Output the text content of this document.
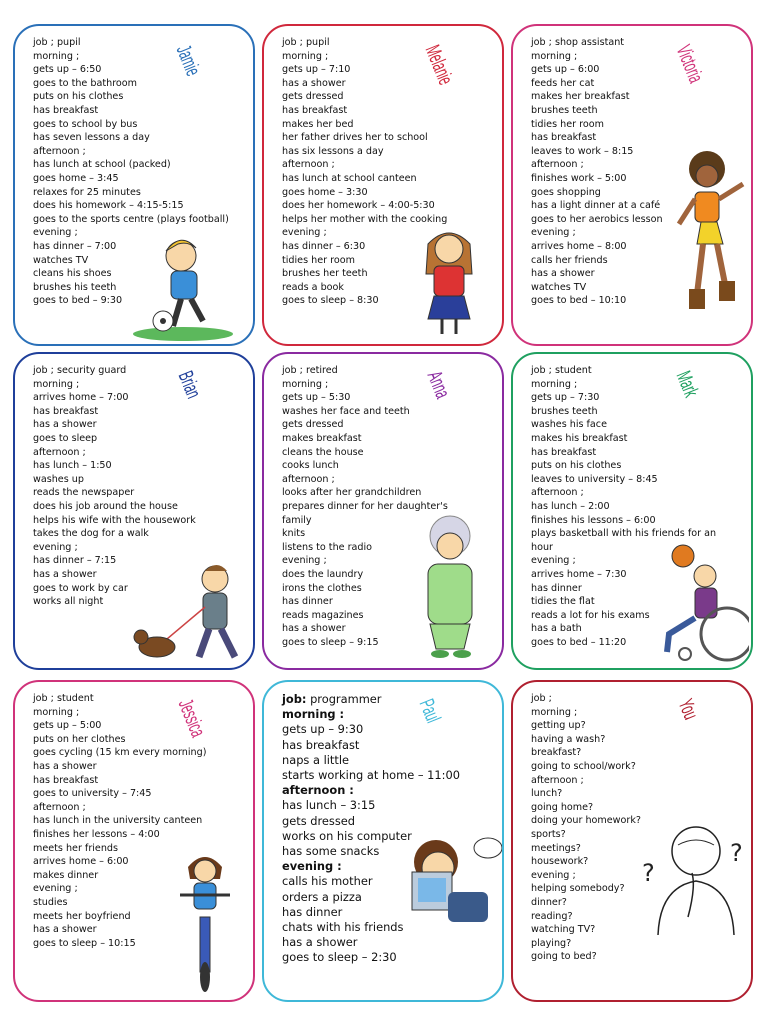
Jamie
job ; pupil
morning ;
gets up – 6:50
goes to the bathroom
puts on his clothes
has breakfast
goes to school by bus
has seven lessons a day
afternoon ;
has lunch at school (packed)
goes home – 3:45
relaxes for 25 minutes
does his homework – 4:15-5:15
goes to the sports centre (plays football)
evening ;
has dinner – 7:00
watches TV
cleans his shoes
brushes his teeth
goes to bed – 9:30
Melanie
job ; pupil
morning ;
gets up – 7:10
has a shower
gets dressed
has breakfast
makes her bed
her father drives her to school
has six lessons a day
afternoon ;
has lunch at school canteen
goes home – 3:30
does her homework – 4:00-5:30
helps her mother with the cooking
evening ;
has dinner – 6:30
tidies her room
brushes her teeth
reads a book
goes to sleep – 8:30
Victoria
job ; shop assistant
morning ;
gets up – 6:00
feeds her cat
makes her breakfast
brushes teeth
tidies her room
has breakfast
leaves to work – 8:15
afternoon ;
finishes work – 5:00
goes shopping
has a light dinner at a café
goes to her aerobics lesson
evening ;
arrives home – 8:00
calls her friends
has a shower
watches TV
goes to bed – 10:10
Brian
job ; security guard
morning ;
arrives home – 7:00
has breakfast
has a shower
goes to sleep
afternoon ;
has lunch – 1:50
washes up
reads the newspaper
does his job around the house
helps his wife with the housework
takes the dog for a walk
evening ;
has dinner – 7:15
has a shower
goes to work by car
works all night
Anna
job ; retired
morning ;
gets up – 5:30
washes her face and teeth
gets dressed
makes breakfast
cleans the house
cooks lunch
afternoon ;
looks after her grandchildren
prepares dinner for her daughter's
family
knits
listens to the radio
evening ;
does the laundry
irons the clothes
has dinner
reads magazines
has a shower
goes to sleep – 9:15
Mark
job ; student
morning ;
gets up – 7:30
brushes teeth
washes his face
makes his breakfast
has breakfast
puts on his clothes
leaves to university – 8:45
afternoon ;
has lunch – 2:00
finishes his lessons – 6:00
plays basketball with his friends for an
hour
evening ;
arrives home – 7:30
has dinner
tidies the flat
reads a lot for his exams
has a bath
goes to bed – 11:20
Jessica
job ; student
morning ;
gets up – 5:00
puts on her clothes
goes cycling (15 km every morning)
has a shower
has breakfast
goes to university – 7:45
afternoon ;
has lunch in the university canteen
finishes her lessons – 4:00
meets her friends
arrives home – 6:00
makes dinner
evening ;
studies
meets her boyfriend
has a shower
goes to sleep – 10:15
Paul
job: programmer
morning :
gets up – 9:30
has breakfast
naps a little
starts working at home – 11:00
afternoon :
has lunch – 3:15
gets dressed
works on his computer
has some snacks
evening :
calls his mother
orders a pizza
has dinner
chats with his friends
has a shower
goes to sleep – 2:30
You
job ;
morning ;
getting up?
having a wash?
breakfast?
going to school/work?
afternoon ;
lunch?
going home?
doing your homework?
sports?
meetings?
housework?
evening ;
helping somebody?
dinner?
reading?
watching TV?
playing?
going to bed?
?
?
